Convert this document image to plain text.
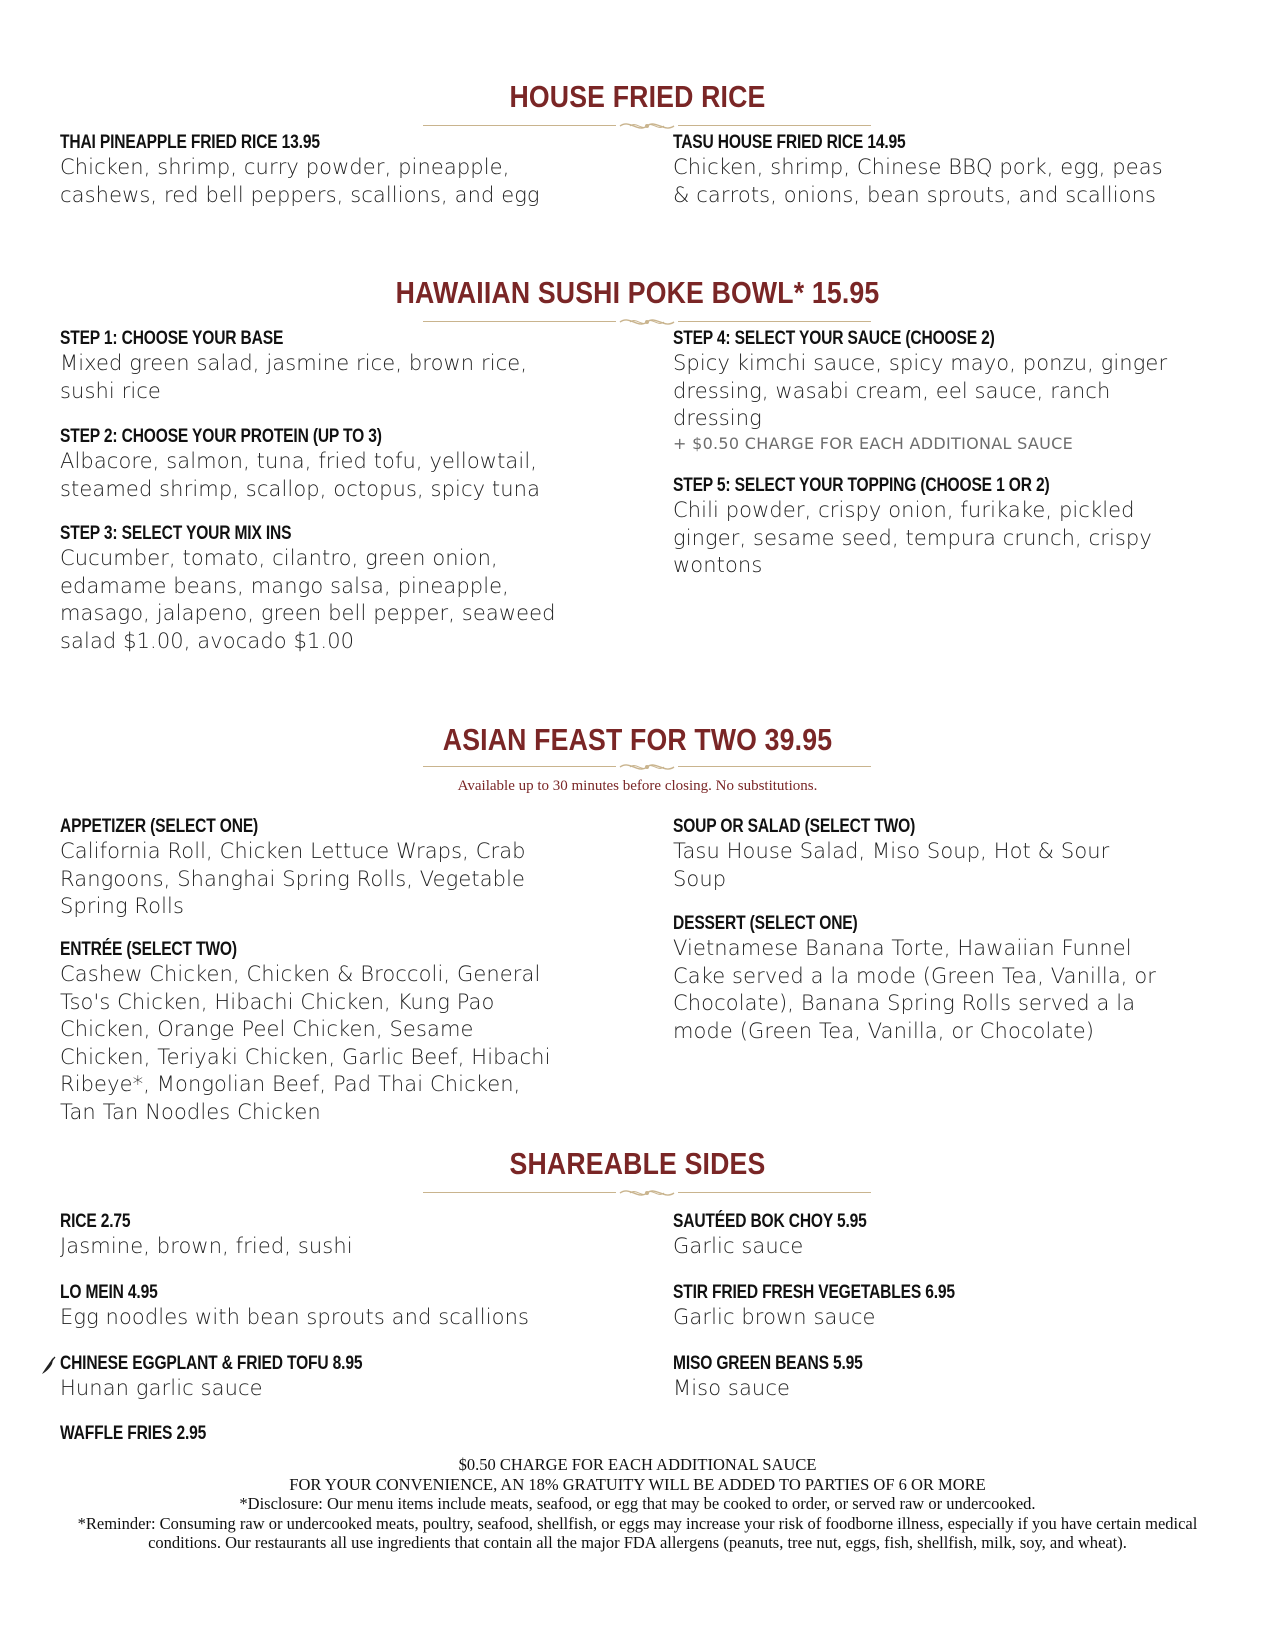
HOUSE FRIED RICE
THAI PINEAPPLE FRIED RICE 13.95
Chicken, shrimp, curry powder, pineapple, cashews, red bell peppers, scallions, and egg
TASU HOUSE FRIED RICE 14.95
Chicken, shrimp, Chinese BBQ pork, egg, peas & carrots, onions, bean sprouts, and scallions
HAWAIIAN SUSHI POKE BOWL* 15.95
STEP 1: CHOOSE YOUR BASE
Mixed green salad, jasmine rice, brown rice, sushi rice
STEP 2: CHOOSE YOUR PROTEIN (UP TO 3)
Albacore, salmon, tuna, fried tofu, yellowtail, steamed shrimp, scallop, octopus, spicy tuna
STEP 3: SELECT YOUR MIX INS
Cucumber, tomato, cilantro, green onion, edamame beans, mango salsa, pineapple, masago, jalapeno, green bell pepper, seaweed salad $1.00, avocado $1.00
STEP 4: SELECT YOUR SAUCE (CHOOSE 2)
Spicy kimchi sauce, spicy mayo, ponzu, ginger dressing, wasabi cream, eel sauce, ranch dressing
+ $0.50 CHARGE FOR EACH ADDITIONAL SAUCE
STEP 5: SELECT YOUR TOPPING (CHOOSE 1 OR 2)
Chili powder, crispy onion, furikake, pickled ginger, sesame seed, tempura crunch, crispy wontons
ASIAN FEAST FOR TWO 39.95
Available up to 30 minutes before closing. No substitutions.
APPETIZER (SELECT ONE)
California Roll, Chicken Lettuce Wraps, Crab Rangoons, Shanghai Spring Rolls, Vegetable Spring Rolls
ENTRÉE (SELECT TWO)
Cashew Chicken, Chicken & Broccoli, General Tso's Chicken, Hibachi Chicken, Kung Pao Chicken, Orange Peel Chicken, Sesame Chicken, Teriyaki Chicken, Garlic Beef, Hibachi Ribeye*, Mongolian Beef, Pad Thai Chicken, Tan Tan Noodles Chicken
SOUP OR SALAD (SELECT TWO)
Tasu House Salad, Miso Soup, Hot & Sour Soup
DESSERT (SELECT ONE)
Vietnamese Banana Torte, Hawaiian Funnel Cake served a la mode (Green Tea, Vanilla, or Chocolate), Banana Spring Rolls served a la mode (Green Tea, Vanilla, or Chocolate)
SHAREABLE SIDES
RICE 2.75
Jasmine, brown, fried, sushi
LO MEIN 4.95
Egg noodles with bean sprouts and scallions
CHINESE EGGPLANT & FRIED TOFU 8.95
Hunan garlic sauce
WAFFLE FRIES 2.95
SAUTÉED BOK CHOY 5.95
Garlic sauce
STIR FRIED FRESH VEGETABLES 6.95
Garlic brown sauce
MISO GREEN BEANS 5.95
Miso sauce
$0.50 CHARGE FOR EACH ADDITIONAL SAUCE
FOR YOUR CONVENIENCE, AN 18% GRATUITY WILL BE ADDED TO PARTIES OF 6 OR MORE
*Disclosure: Our menu items include meats, seafood, or egg that may be cooked to order, or served raw or undercooked.
*Reminder: Consuming raw or undercooked meats, poultry, seafood, shellfish, or eggs may increase your risk of foodborne illness, especially if you have certain medical conditions. Our restaurants all use ingredients that contain all the major FDA allergens (peanuts, tree nut, eggs, fish, shellfish, milk, soy, and wheat).
